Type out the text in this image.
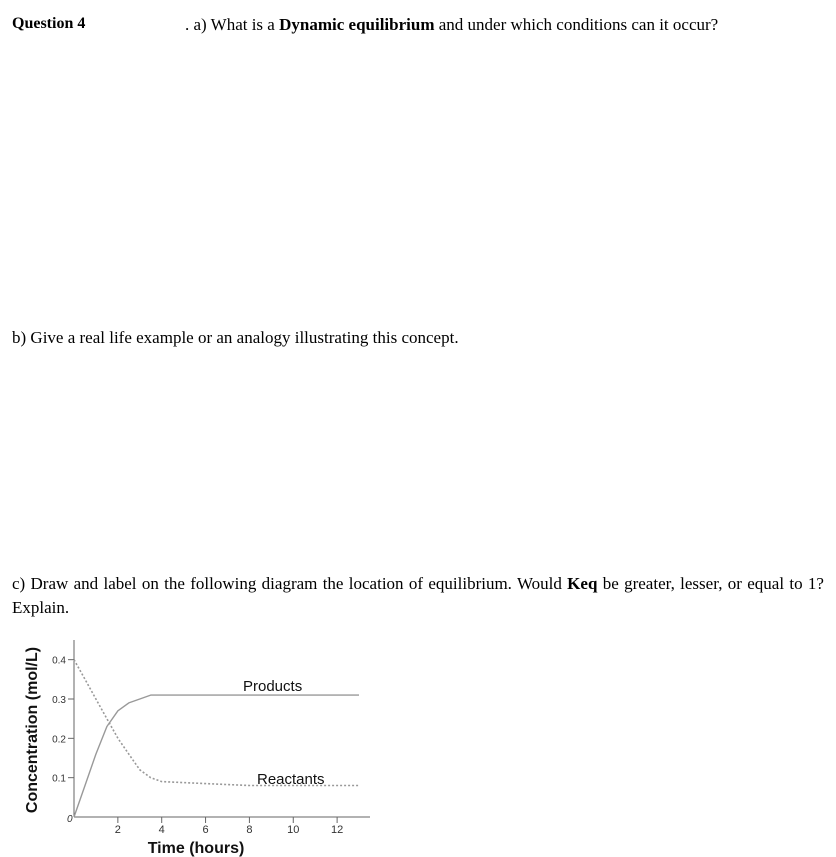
Question 4	. a) What is a Dynamic equilibrium and under which conditions can it occur?
b) Give a real life example or an analogy illustrating this concept.
c) Draw and label on the following diagram the location of equilibrium. Would Keq be greater, lesser, or equal to 1? Explain.
0.1
0.2
0.3
0.4
2	4	6	8	10	12
Products
Reactants
0
Time (hours)
Concentration (mol/L)
